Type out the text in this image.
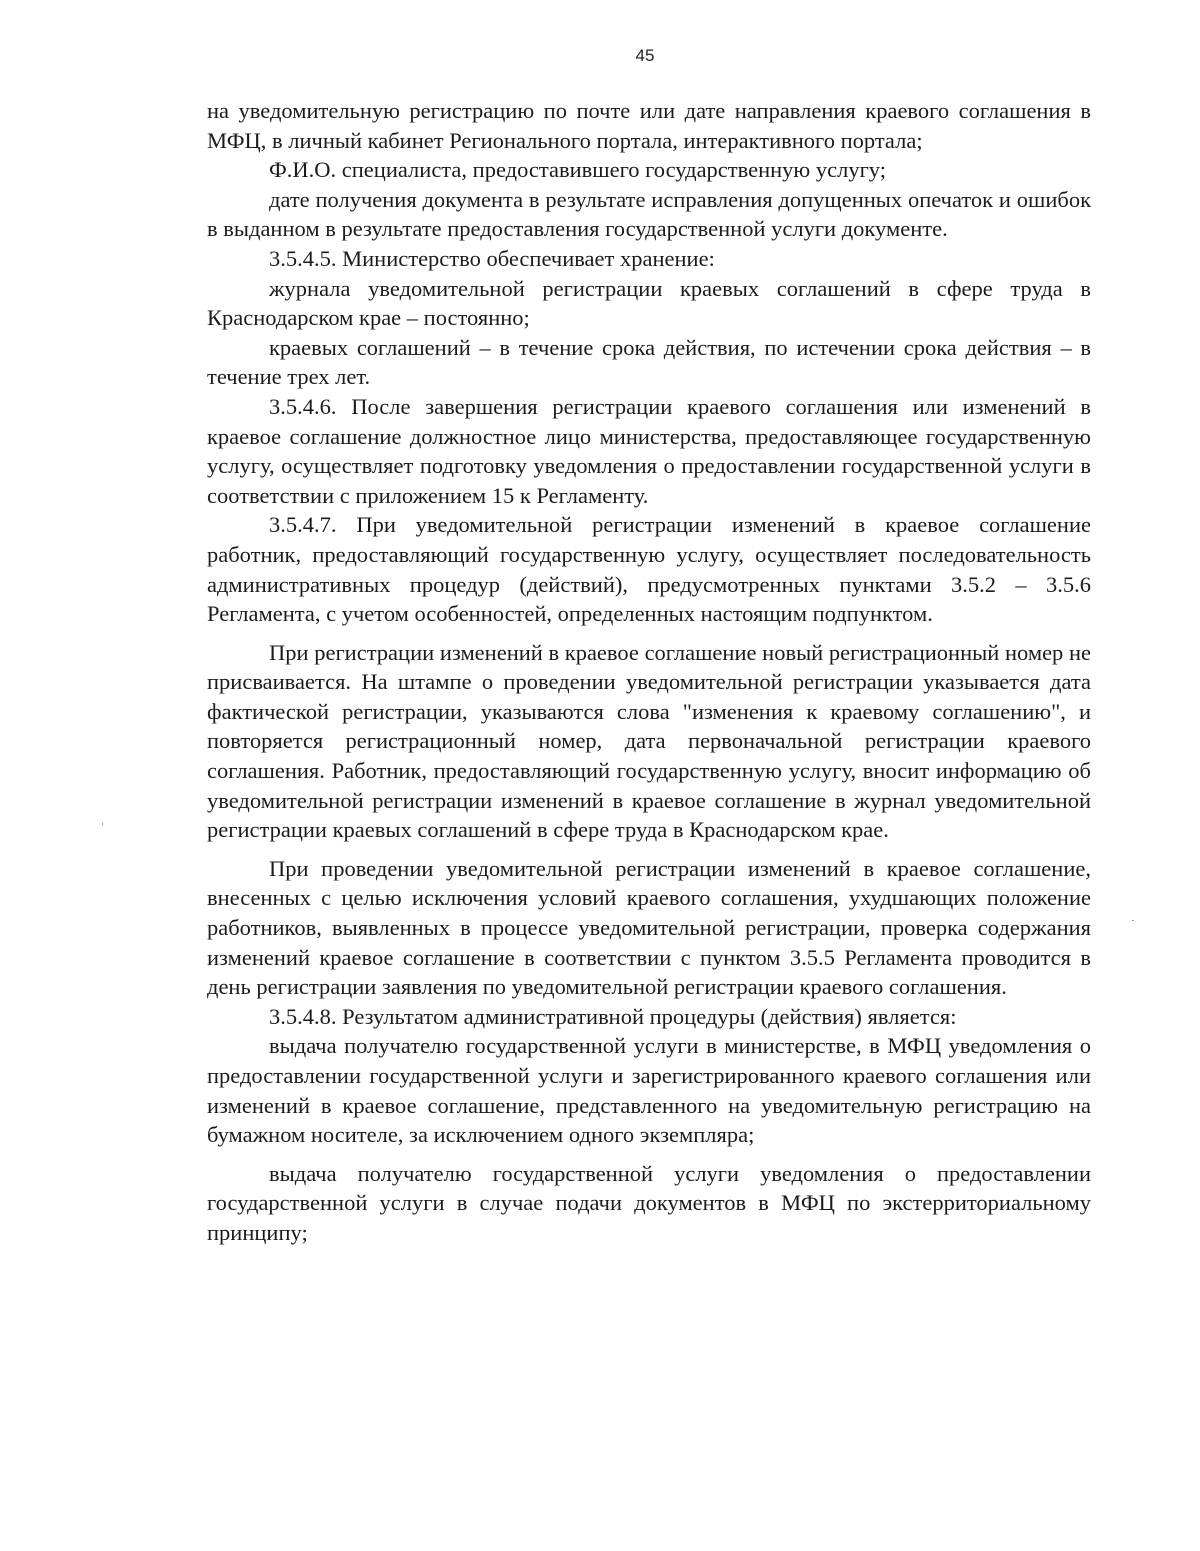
45

на уведомительную регистрацию по почте или дате направления краевого соглашения в МФЦ, в личный кабинет Регионального портала, интерактивного портала;

Ф.И.О. специалиста, предоставившего государственную услугу;

дате получения документа в результате исправления допущенных опечаток и ошибок в выданном в результате предоставления государственной услуги документе.

3.5.4.5. Министерство обеспечивает хранение:

журнала уведомительной регистрации краевых соглашений в сфере труда в Краснодарском крае – постоянно;

краевых соглашений – в течение срока действия, по истечении срока действия – в течение трех лет.

3.5.4.6. После завершения регистрации краевого соглашения или изменений в краевое соглашение должностное лицо министерства, предоставляющее государственную услугу, осуществляет подготовку уведомления о предоставлении государственной услуги в соответствии с приложением 15 к Регламенту.

3.5.4.7. При уведомительной регистрации изменений в краевое соглашение работник, предоставляющий государственную услугу, осуществляет последовательность административных процедур (действий), предусмотренных пунктами 3.5.2 – 3.5.6 Регламента, с учетом особенностей, определенных настоящим подпунктом.

При регистрации изменений в краевое соглашение новый регистрационный номер не присваивается. На штампе о проведении уведомительной регистрации указывается дата фактической регистрации, указываются слова "изменения к краевому соглашению", и повторяется регистрационный номер, дата первоначальной регистрации краевого соглашения. Работник, предоставляющий государственную услугу, вносит информацию об уведомительной регистрации изменений в краевое соглашение в журнал уведомительной регистрации краевых соглашений в сфере труда в Краснодарском крае.

При проведении уведомительной регистрации изменений в краевое соглашение, внесенных с целью исключения условий краевого соглашения, ухудшающих положение работников, выявленных в процессе уведомительной регистрации, проверка содержания изменений краевое соглашение в соответствии с пунктом 3.5.5 Регламента проводится в день регистрации заявления по уведомительной регистрации краевого соглашения.

3.5.4.8. Результатом административной процедуры (действия) является:

выдача получателю государственной услуги в министерстве, в МФЦ уведомления о предоставлении государственной услуги и зарегистрированного краевого соглашения или изменений в краевое соглашение, представленного на уведомительную регистрацию на бумажном носителе, за исключением одного экземпляра;

выдача получателю государственной услуги уведомления о предоставлении государственной услуги в случае подачи документов в МФЦ по экстерриториальному принципу;
